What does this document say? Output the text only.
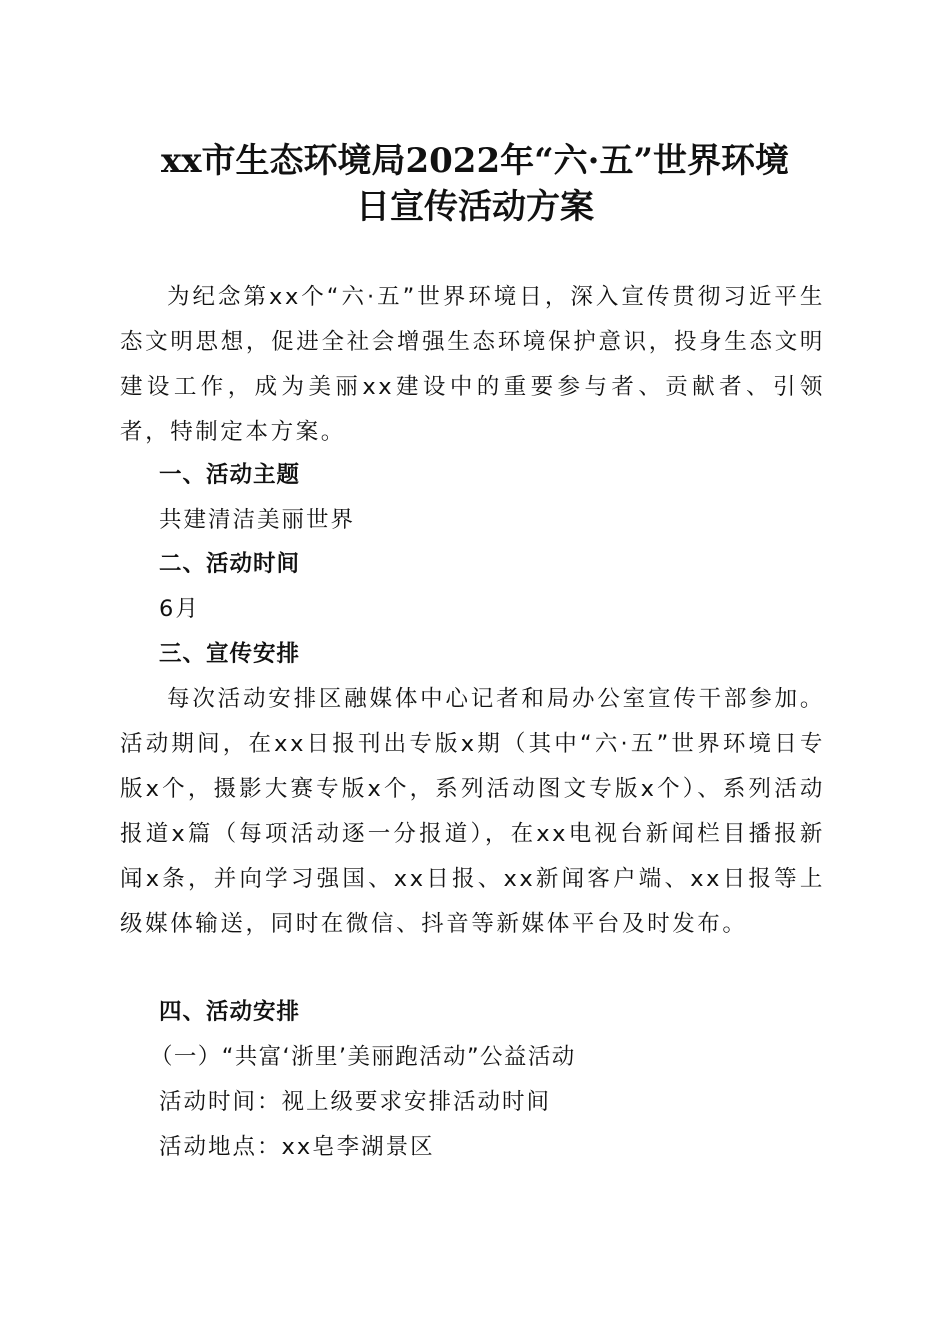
xx市生态环境局2022年“六·五”世界环境
日宣传活动方案

为纪念第xx个“六·五”世界环境日，深入宣传贯彻习近平生态文明思想，促进全社会增强生态环境保护意识，投身生态文明建设工作，成为美丽xx建设中的重要参与者、贡献者、引领者，特制定本方案。

一、活动主题

共建清洁美丽世界

二、活动时间

6月

三、宣传安排

每次活动安排区融媒体中心记者和局办公室宣传干部参加。活动期间，在xx日报刊出专版x期（其中“六·五”世界环境日专版x个，摄影大赛专版x个，系列活动图文专版x个）、系列活动报道x篇（每项活动逐一分报道），在xx电视台新闻栏目播报新闻x条，并向学习强国、xx日报、xx新闻客户端、xx日报等上级媒体输送，同时在微信、抖音等新媒体平台及时发布。

四、活动安排

（一）“共富‘浙里’美丽跑活动”公益活动

活动时间：视上级要求安排活动时间

活动地点：xx皂李湖景区
